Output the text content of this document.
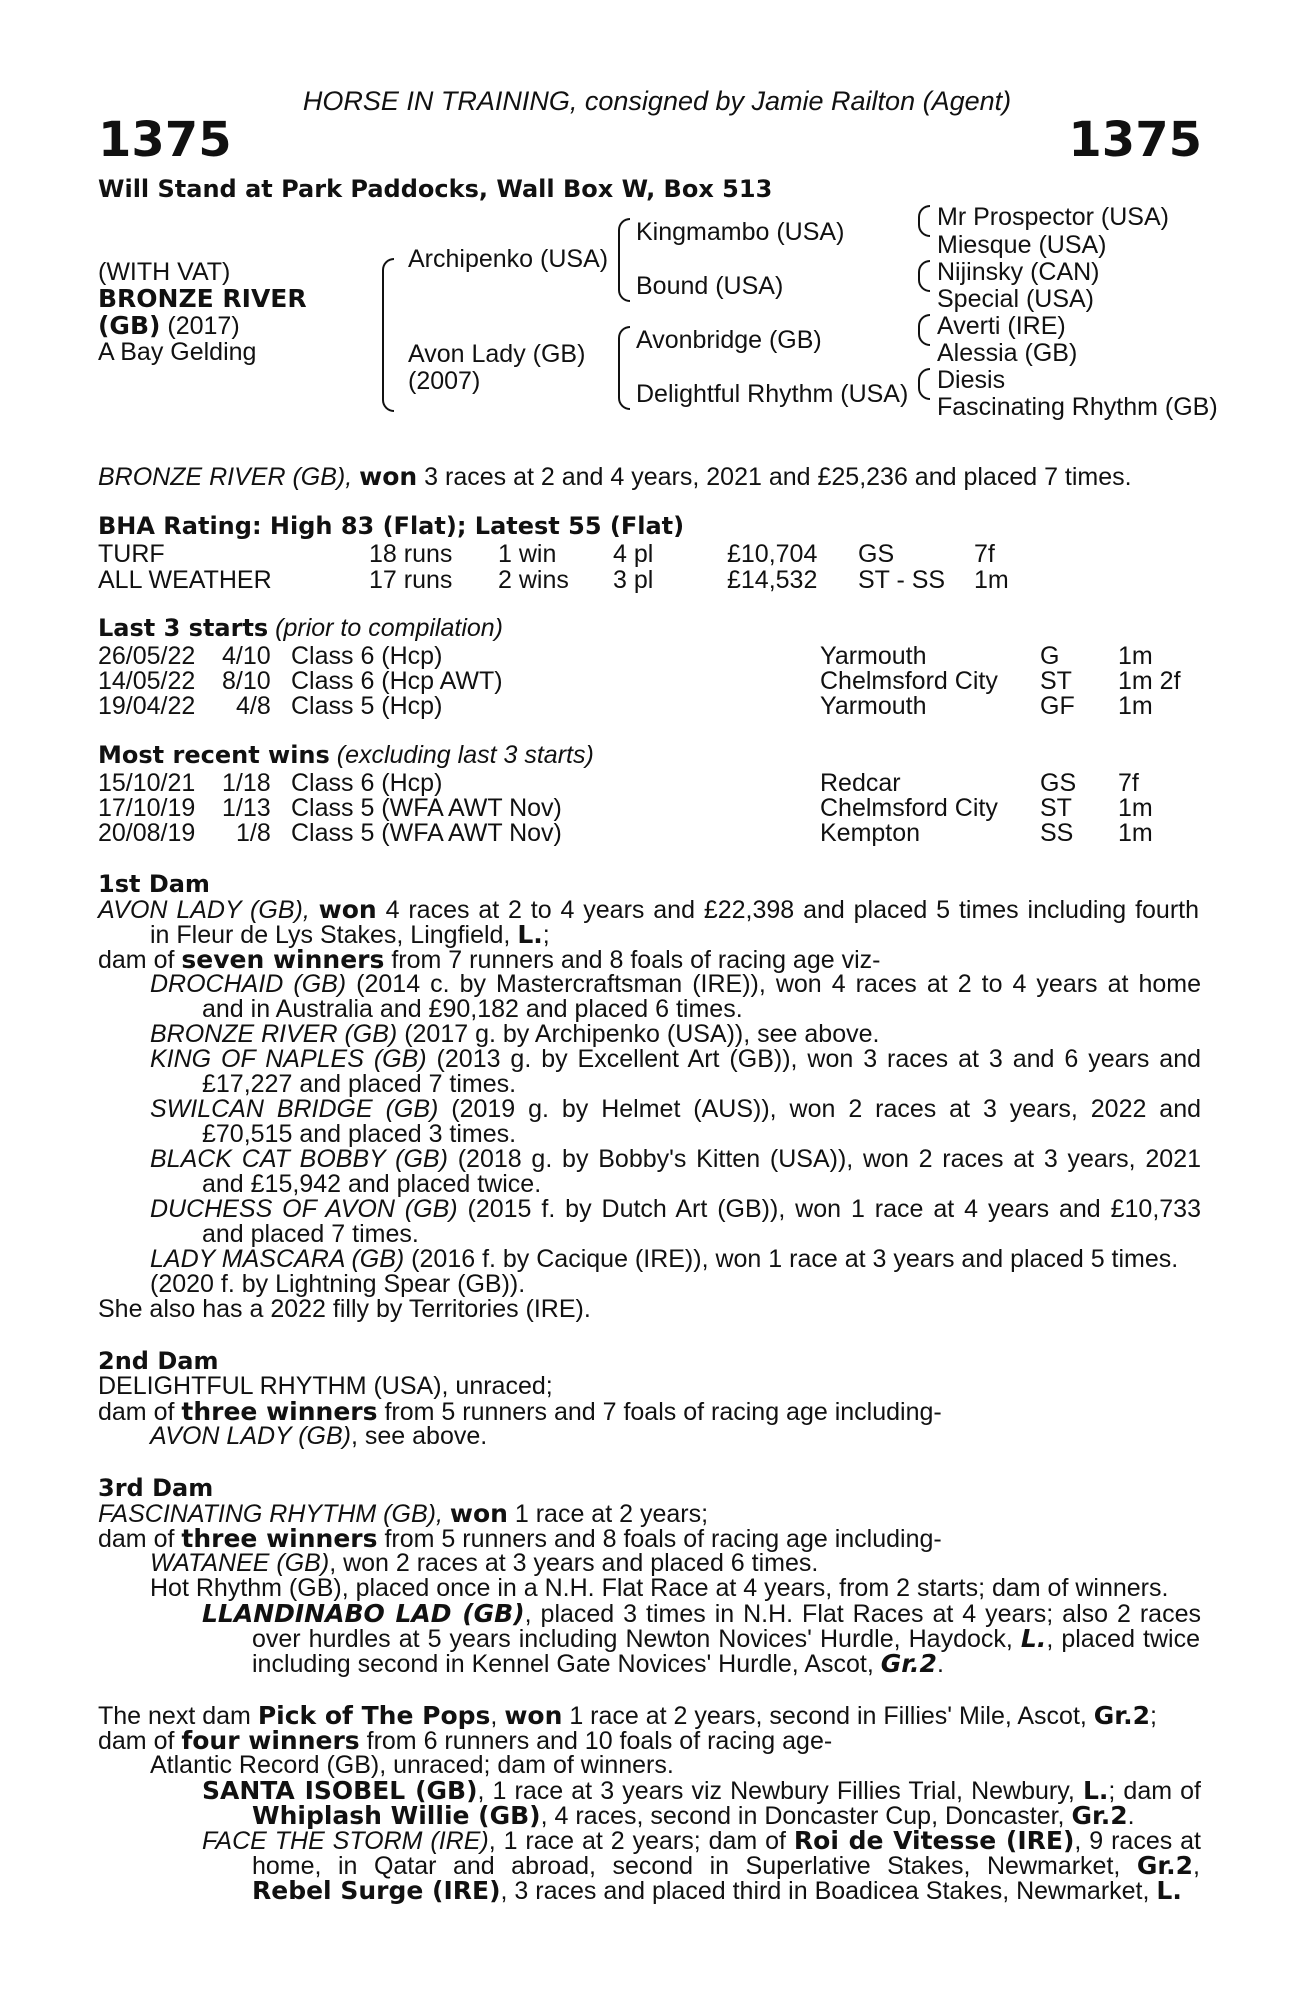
HORSE IN TRAINING, consigned by Jamie Railton (Agent)
1375	1375
Will Stand at Park Paddocks, Wall Box W, Box 513
(WITH VAT)
BRONZE RIVER
(GB) (2017)
A Bay Gelding
Archipenko (USA)
Avon Lady (GB)
(2007)
Kingmambo (USA)
Bound (USA)
Avonbridge (GB)
Delightful Rhythm (USA)
Mr Prospector (USA)
Miesque (USA)
Nijinsky (CAN)
Special (USA)
Averti (IRE)
Alessia (GB)
Diesis
Fascinating Rhythm (GB)
BRONZE RIVER (GB), won 3 races at 2 and 4 years, 2021 and £25,236 and placed 7 times.
BHA Rating: High 83 (Flat); Latest 55 (Flat)
TURF	18 runs 1 win 4 pl	£10,704 GS	7f
ALL WEATHER	17 runs 2 wins 3 pl	£14,532 ST - SS 1m
Last 3 starts (prior to compilation)
26/05/22 4/10 Class 6 (Hcp)	Yarmouth	G 1m
14/05/22 8/10 Class 6 (Hcp AWT)	Chelmsford City ST 1m 2f
19/04/22 4/8 Class 5 (Hcp)	Yarmouth	GF 1m
Most recent wins (excluding last 3 starts)
15/10/21 1/18 Class 6 (Hcp)	Redcar	GS 7f
17/10/19 1/13 Class 5 (WFA AWT Nov)	Chelmsford City ST 1m
20/08/19 1/8 Class 5 (WFA AWT Nov)	Kempton	SS 1m
1st Dam
AVON LADY (GB), won 4 races at 2 to 4 years and £22,398 and placed 5 times including fourth
in Fleur de Lys Stakes, Lingfield, L.;
dam of seven winners from 7 runners and 8 foals of racing age viz-
DROCHAID (GB) (2014 c. by Mastercraftsman (IRE)), won 4 races at 2 to 4 years at home
and in Australia and £90,182 and placed 6 times.
BRONZE RIVER (GB) (2017 g. by Archipenko (USA)), see above.
KING OF NAPLES (GB) (2013 g. by Excellent Art (GB)), won 3 races at 3 and 6 years and
£17,227 and placed 7 times.
SWILCAN BRIDGE (GB) (2019 g. by Helmet (AUS)), won 2 races at 3 years, 2022 and
£70,515 and placed 3 times.
BLACK CAT BOBBY (GB) (2018 g. by Bobby's Kitten (USA)), won 2 races at 3 years, 2021
and £15,942 and placed twice.
DUCHESS OF AVON (GB) (2015 f. by Dutch Art (GB)), won 1 race at 4 years and £10,733
and placed 7 times.
LADY MASCARA (GB) (2016 f. by Cacique (IRE)), won 1 race at 3 years and placed 5 times.
(2020 f. by Lightning Spear (GB)).
She also has a 2022 filly by Territories (IRE).
2nd Dam
DELIGHTFUL RHYTHM (USA), unraced;
dam of three winners from 5 runners and 7 foals of racing age including-
AVON LADY (GB), see above.
3rd Dam
FASCINATING RHYTHM (GB), won 1 race at 2 years;
dam of three winners from 5 runners and 8 foals of racing age including-
WATANEE (GB), won 2 races at 3 years and placed 6 times.
Hot Rhythm (GB), placed once in a N.H. Flat Race at 4 years, from 2 starts; dam of winners.
LLANDINABO LAD (GB), placed 3 times in N.H. Flat Races at 4 years; also 2 races
over hurdles at 5 years including Newton Novices' Hurdle, Haydock, L., placed twice
including second in Kennel Gate Novices' Hurdle, Ascot, Gr.2.
The next dam Pick of The Pops, won 1 race at 2 years, second in Fillies' Mile, Ascot, Gr.2;
dam of four winners from 6 runners and 10 foals of racing age-
Atlantic Record (GB), unraced; dam of winners.
SANTA ISOBEL (GB), 1 race at 3 years viz Newbury Fillies Trial, Newbury, L.; dam of
Whiplash Willie (GB), 4 races, second in Doncaster Cup, Doncaster, Gr.2.
FACE THE STORM (IRE), 1 race at 2 years; dam of Roi de Vitesse (IRE), 9 races at
home, in Qatar and abroad, second in Superlative Stakes, Newmarket, Gr.2,
Rebel Surge (IRE), 3 races and placed third in Boadicea Stakes, Newmarket, L.
